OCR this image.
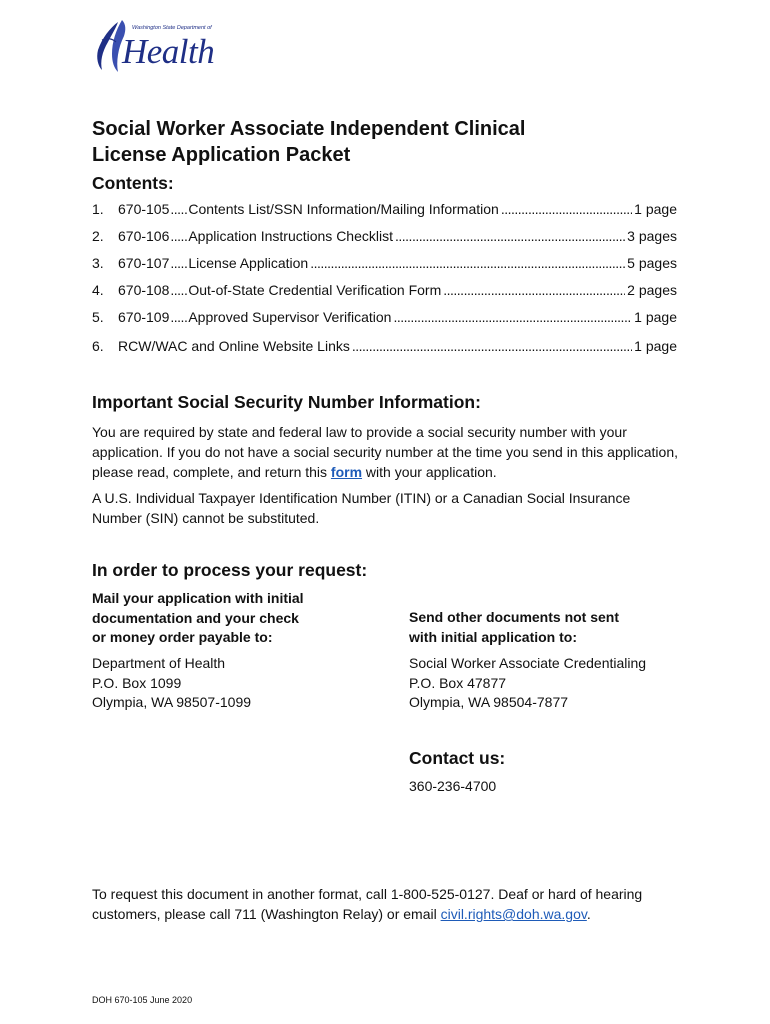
Washington State Department of
Health
Social Worker Associate Independent Clinical
License Application Packet
Contents:
1.	670-105 ..... Contents List/SSN Information/Mailing Information .....	1 page
2.	670-106 ..... Application Instructions Checklist .....	3 pages
3.	670-107 ..... License Application .....	5 pages
4.	670-108 ..... Out-of-State Credential Verification Form .....	2 pages
5.	670-109 ..... Approved Supervisor Verification .....	1 page
6.	RCW/WAC and Online Website Links .....	1 page
Important Social Security Number Information:
You are required by state and federal law to provide a social security number with your application. If you do not have a social security number at the time you send in this application, please read, complete, and return this form with your application.
A U.S. Individual Taxpayer Identification Number (ITIN) or a Canadian Social Insurance Number (SIN) cannot be substituted.
In order to process your request:
Mail your application with initial
documentation and your check
or money order payable to:
Department of Health
P.O. Box 1099
Olympia, WA 98507-1099
Send other documents not sent
with initial application to:
Social Worker Associate Credentialing
P.O. Box 47877
Olympia, WA 98504-7877
Contact us:
360-236-4700
To request this document in another format, call 1-800-525-0127. Deaf or hard of hearing customers, please call 711 (Washington Relay) or email civil.rights@doh.wa.gov.
DOH 670-105 June 2020
